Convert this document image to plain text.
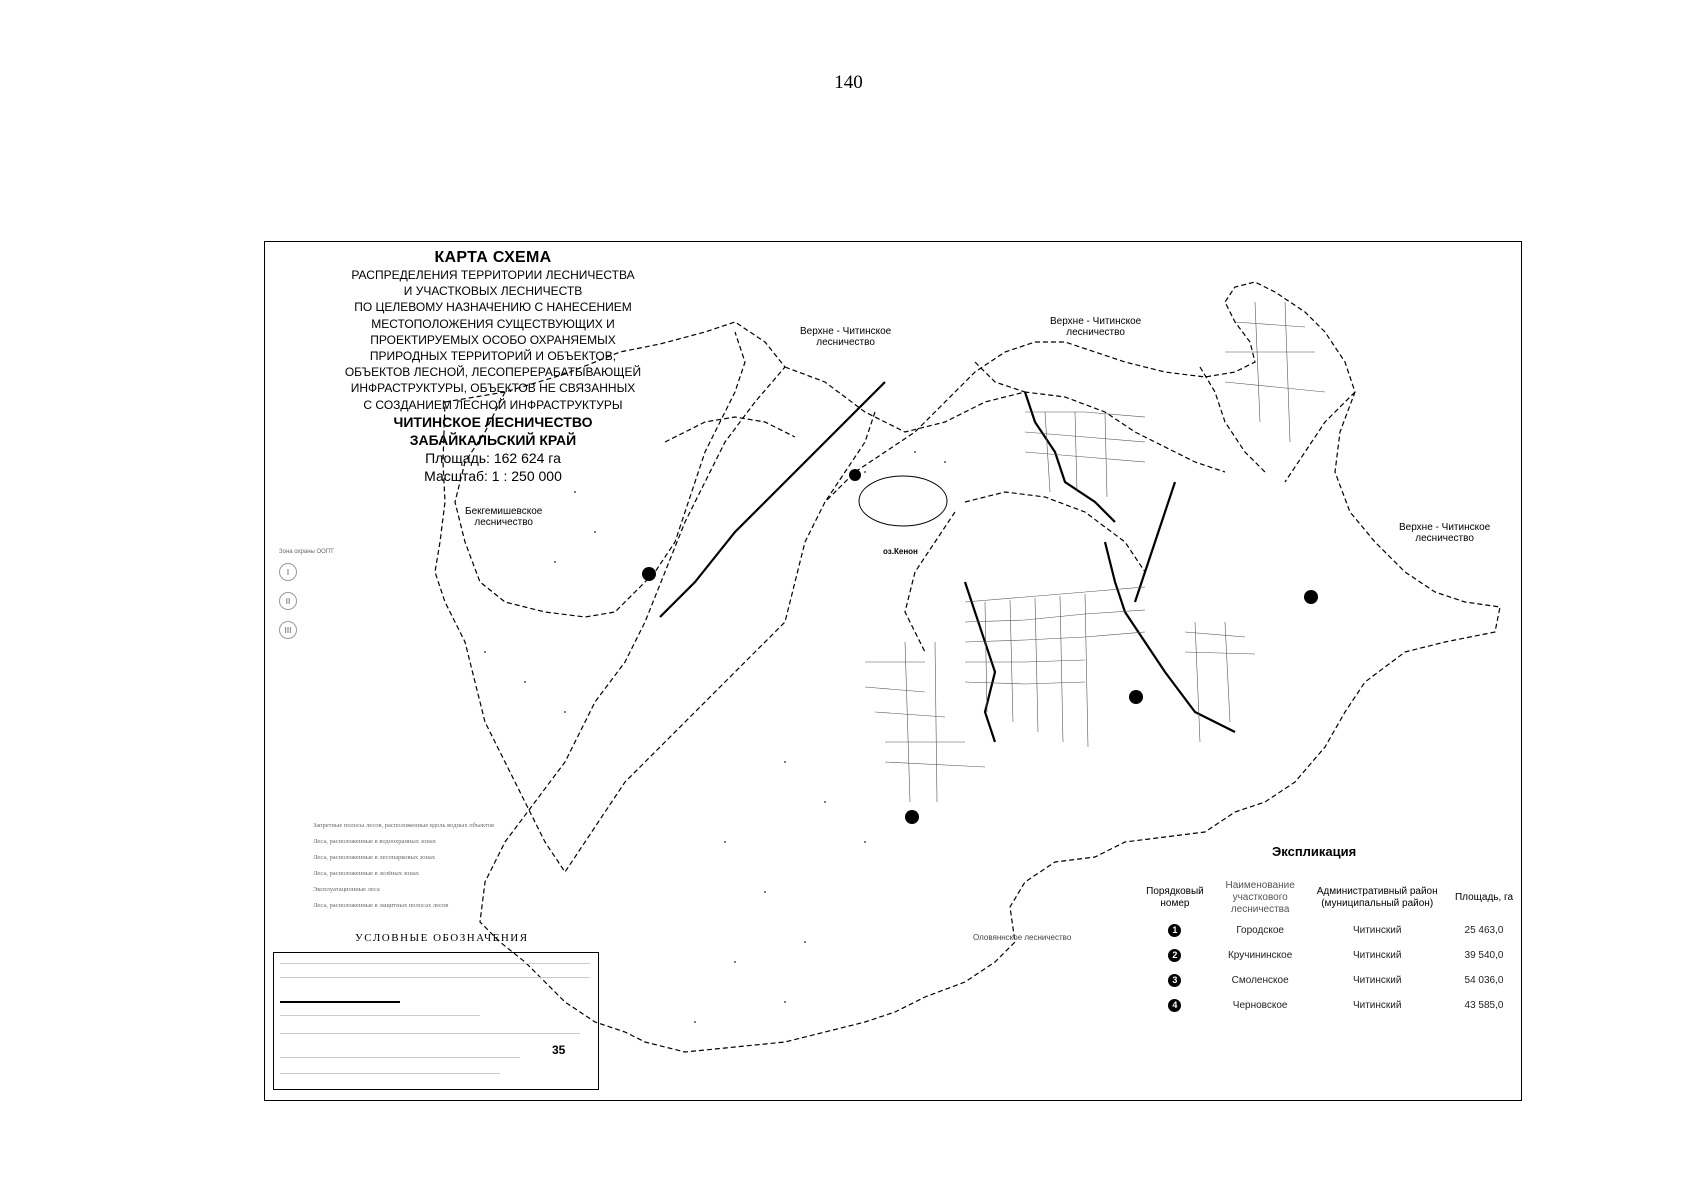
140
КАРТА СХЕМА
РАСПРЕДЕЛЕНИЯ ТЕРРИТОРИИ ЛЕСНИЧЕСТВА
И УЧАСТКОВЫХ ЛЕСНИЧЕСТВ
ПО ЦЕЛЕВОМУ НАЗНАЧЕНИЮ С НАНЕСЕНИЕМ
МЕСТОПОЛОЖЕНИЯ СУЩЕСТВУЮЩИХ И
ПРОЕКТИРУЕМЫХ ОСОБО ОХРАНЯЕМЫХ
ПРИРОДНЫХ ТЕРРИТОРИЙ И ОБЪЕКТОВ,
ОБЪЕКТОВ ЛЕСНОЙ, ЛЕСОПЕРЕРАБАТЫВАЮЩЕЙ
ИНФРАСТРУКТУРЫ, ОБЪЕКТОВ НЕ СВЯЗАННЫХ
С СОЗДАНИЕМ ЛЕСНОЙ ИНФРАСТРУКТУРЫ
ЧИТИНСКОЕ ЛЕСНИЧЕСТВО
ЗАБАЙКАЛЬСКИЙ КРАЙ
Площадь: 162 624 га
Масштаб: 1 : 250 000
Верхне - Читинское
лесничество
Верхне - Читинское
лесничество
Верхне - Читинское
лесничество
Бекгемишевское
лесничество
оз.Кенон
Оловяннское лесничество
Зона охраны ООПТ
I
II
III
Запретные полосы лесов, расположенные вдоль водных объектов
Леса, расположенные в водоохранных зонах
Леса, расположенные в лесопарковых зонах
Леса, расположенные в зелёных зонах
Эксплуатационные леса
Леса, расположенные в защитных полосах лесов
УСЛОВНЫЕ ОБОЗНАЧЕНИЯ
35
Экспликация
Порядковый
номер	Наименование
участкового
лесничества	Административный район
(муниципальный район)	Площадь, га
1	Городское	Читинский	25 463,0
2	Кручининское	Читинский	39 540,0
3	Смоленское	Читинский	54 036,0
4	Черновское	Читинский	43 585,0
